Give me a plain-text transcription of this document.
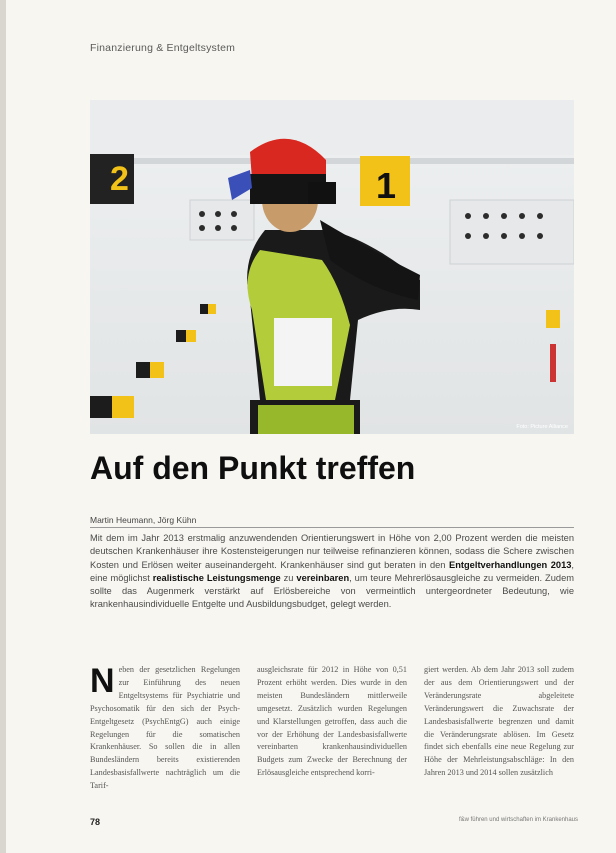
Finanzierung & Entgeltsystem
2	1
Foto: Picture Alliance
Auf den Punkt treffen
Martin Heumann, Jörg Kühn

Mit dem im Jahr 2013 erstmalig anzuwendenden Orientierungswert in Höhe von 2,00 Prozent werden die meisten deutschen Krankenhäuser ihre Kostensteigerungen nur teilweise refinanzieren können, sodass die Schere zwischen Kosten und Erlösen weiter auseinandergeht. Krankenhäuser sind gut beraten in den Entgeltverhandlungen 2013, eine möglichst realistische Leistungsmenge zu vereinbaren, um teure Mehrerlösausgleiche zu vermeiden. Zudem sollte das Augenmerk verstärkt auf Erlösbereiche von vermeintlich untergeordneter Bedeutung, wie krankenhausindividuelle Entgelte und Ausbildungsbudget, gelegt werden.

Neben der gesetzlichen Regelungen zur Einführung des neuen Entgeltsystems für Psychiatrie und Psychosomatik für den sich der Psych-Entgeltgesetz (PsychEntgG) auch einige Regelungen für die somatischen Krankenhäuser. So sollen die in allen Bundesländern bereits existierenden Landesbasisfallwerte nachträglich um die Tarif-

ausgleichsrate für 2012 in Höhe von 0,51 Prozent erhöht werden. Dies wurde in den meisten Bundesländern mittlerweile umgesetzt. Zusätzlich wurden Regelungen und Klarstellungen getroffen, dass auch die vor der Erhöhung der Landesbasisfallwerte vereinbarten krankenhausindividuellen Budgets zum Zwecke der Berechnung der Erlösausgleiche entsprechend korri-

giert werden. Ab dem Jahr 2013 soll zudem der aus dem Orientierungswert und der Veränderungsrate abgeleitete Veränderungswert die Zuwachsrate der Landesbasisfallwerte begrenzen und damit die Veränderungsrate ablösen. Im Gesetz findet sich ebenfalls eine neue Regelung zur Höhe der Mehrleistungsabschläge: In den Jahren 2013 und 2014 sollen zusätzlich

78	f&w führen und wirtschaften im Krankenhaus
